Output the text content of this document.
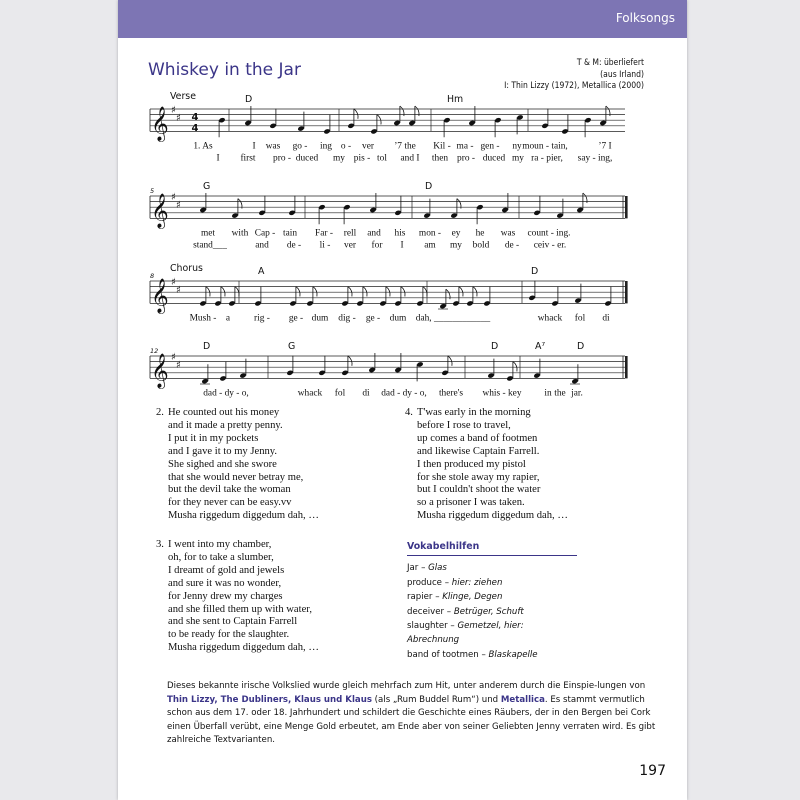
Folksongs
Whiskey in the Jar	T & M: überliefert
(aus Irland)
I: Thin Lizzy (1972), Metallica (2000)
𝄞 ♯
♯ 4
4
Verse	D	Hm
1. As	I was go - ing o - ver ʼ7 the Kil - ma - gen - ny moun - tain,	ʼ7 I
I first pro - duced my pis - tol and I then pro - duced my ra - pier, say - ing,
𝄞 ♯
♯
5	G	D
met with Cap - tain Far - rell and his mon - ey he was count - ing.
stand___	and de - li - ver for I am my bold de - ceiv - er.
𝄞 ♯
♯
Chorus
8	A	D
Mush - a	rig - ge - dum dig - ge - dum dah, ____________	whack fol di
𝄞 ♯
♯
12	D	G	D	A⁷	D
dad - dy - o,	whack fol di dad - dy - o, there's whis - key in the jar.
2. He counted out his money
and it made a pretty penny.
I put it in my pockets
and I gave it to my Jenny.
She sighed and she swore
that she would never betray me,
but the devil take the woman
for they never can be easy.vv
Musha riggedum diggedum dah, …
3. I went into my chamber,
oh, for to take a slumber,
I dreamt of gold and jewels
and sure it was no wonder,
for Jenny drew my charges
and she filled them up with water,
and she sent to Captain Farrell
to be ready for the slaughter.
Musha riggedum diggedum dah, …
4. T'was early in the morning
before I rose to travel,
up comes a band of footmen
and likewise Captain Farrell.
I then produced my pistol
for she stole away my rapier,
but I couldn't shoot the water
so a prisoner I was taken.
Musha riggedum diggedum dah, …
Vokabelhilfen
Jar – Glas
produce – hier: ziehen
rapier – Klinge, Degen
deceiver – Betrüger, Schuft
slaughter – Gemetzel, hier: Abrechnung
band of tootmen – Blaskapelle
Dieses bekannte irische Volkslied wurde gleich mehrfach zum Hit, unter anderem durch die Einspie-lungen von Thin Lizzy, The Dubliners, Klaus und Klaus (als „Rum Buddel Rum“) und Metallica. Es stammt vermutlich schon aus dem 17. oder 18. Jahrhundert und schildert die Geschichte eines Räubers, der in den Bergen bei Cork einen Überfall verübt, eine Menge Gold erbeutet, am Ende aber von seiner Geliebten Jenny verraten wird. Es gibt zahlreiche Textvarianten.
197
